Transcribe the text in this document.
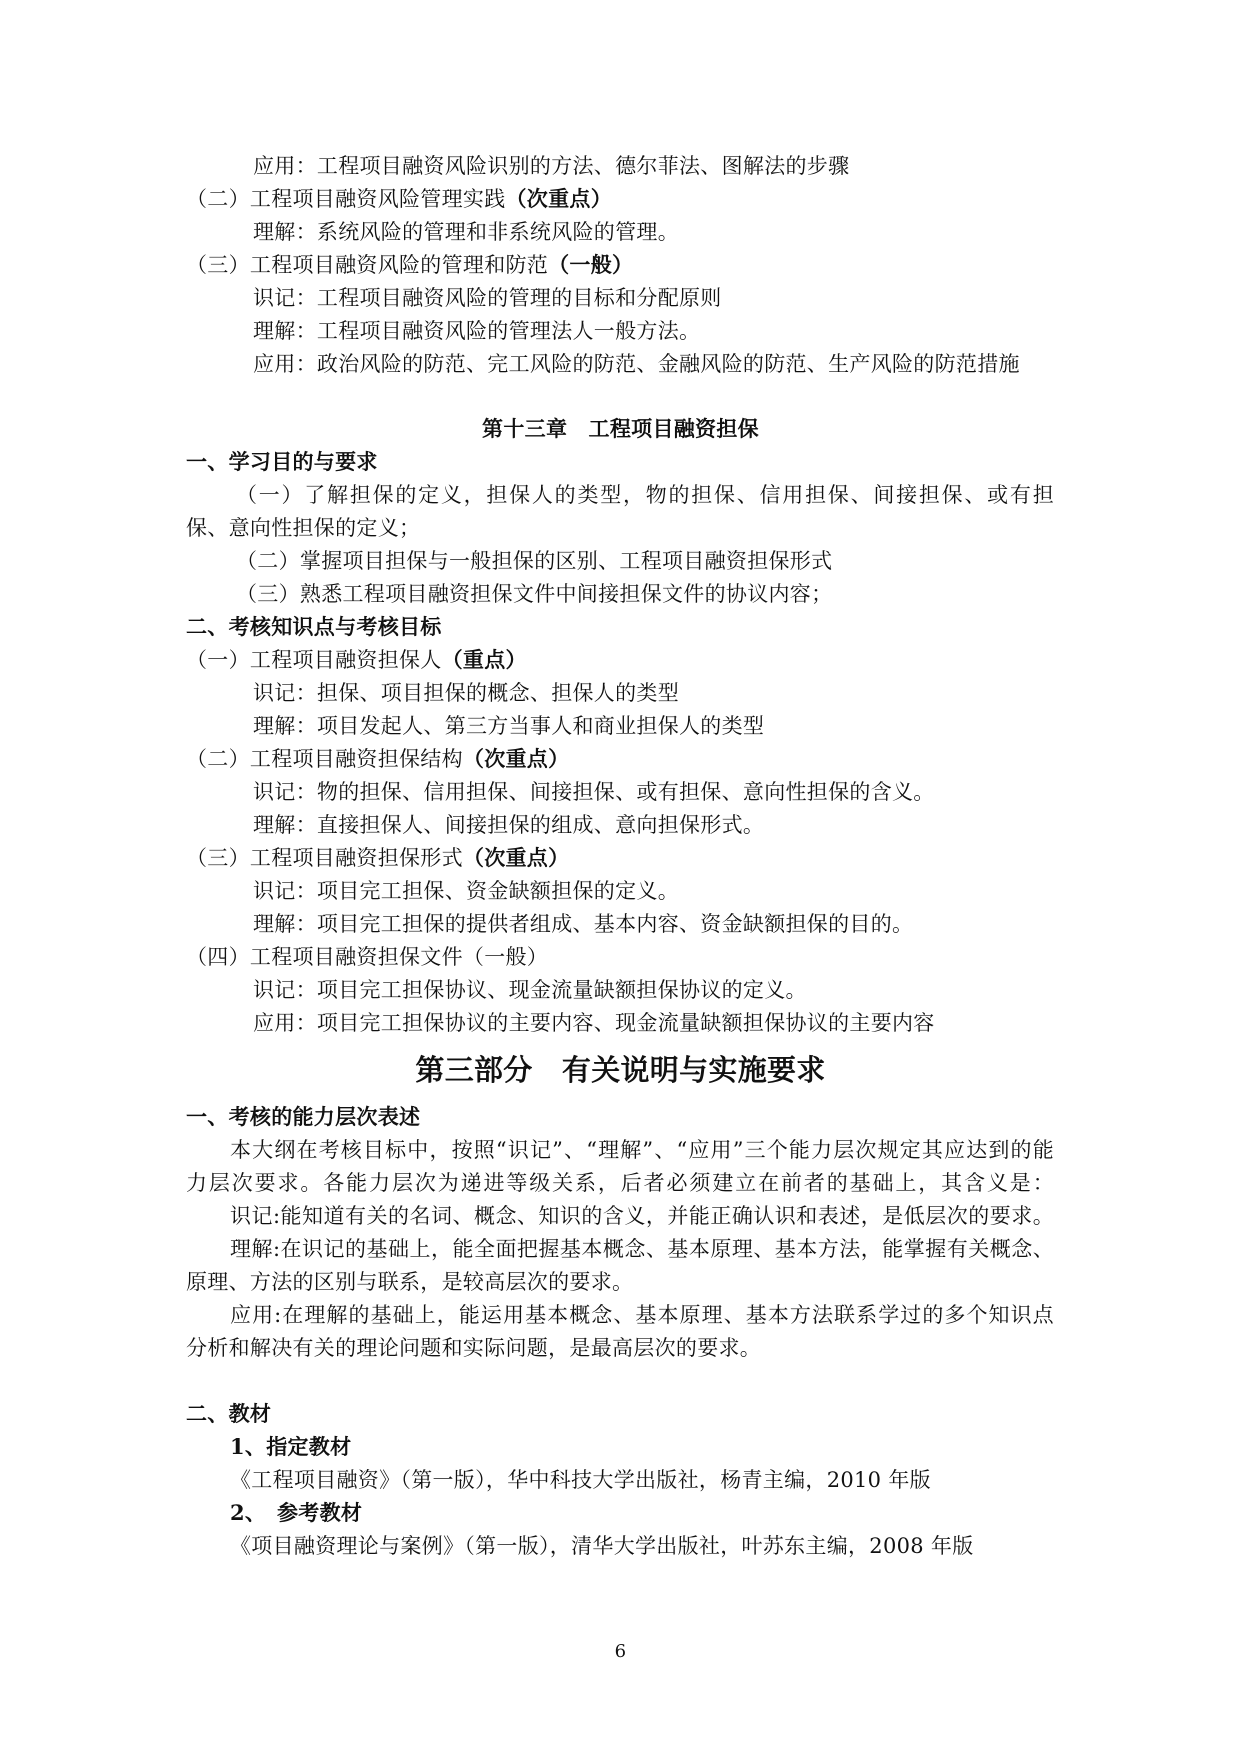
应用：工程项目融资风险识别的方法、德尔菲法、图解法的步骤
（二）工程项目融资风险管理实践（次重点）
理解：系统风险的管理和非系统风险的管理。
（三）工程项目融资风险的管理和防范（一般）
识记：工程项目融资风险的管理的目标和分配原则
理解：工程项目融资风险的管理法人一般方法。
应用：政治风险的防范、完工风险的防范、金融风险的防范、生产风险的防范措施
第十三章　工程项目融资担保
一、学习目的与要求
（一）了解担保的定义，担保人的类型，物的担保、信用担保、间接担保、或有担
保、意向性担保的定义；
（二）掌握项目担保与一般担保的区别、工程项目融资担保形式
（三）熟悉工程项目融资担保文件中间接担保文件的协议内容；
二、考核知识点与考核目标
（一）工程项目融资担保人（重点）
识记：担保、项目担保的概念、担保人的类型
理解：项目发起人、第三方当事人和商业担保人的类型
（二）工程项目融资担保结构（次重点）
识记：物的担保、信用担保、间接担保、或有担保、意向性担保的含义。
理解：直接担保人、间接担保的组成、意向担保形式。
（三）工程项目融资担保形式（次重点）
识记：项目完工担保、资金缺额担保的定义。
理解：项目完工担保的提供者组成、基本内容、资金缺额担保的目的。
（四）工程项目融资担保文件（一般）
识记：项目完工担保协议、现金流量缺额担保协议的定义。
应用：项目完工担保协议的主要内容、现金流量缺额担保协议的主要内容
第三部分　有关说明与实施要求
一、考核的能力层次表述
本大纲在考核目标中，按照“识记”、“理解”、“应用”三个能力层次规定其应达到的能
力层次要求。各能力层次为递进等级关系，后者必须建立在前者的基础上，其含义是：
识记:能知道有关的名词、概念、知识的含义，并能正确认识和表述，是低层次的要求。
理解:在识记的基础上，能全面把握基本概念、基本原理、基本方法，能掌握有关概念、
原理、方法的区别与联系，是较高层次的要求。
应用:在理解的基础上，能运用基本概念、基本原理、基本方法联系学过的多个知识点
分析和解决有关的理论问题和实际问题，是最高层次的要求。
二、教材
1、指定教材
《工程项目融资》（第一版），华中科技大学出版社，杨青主编，2010 年版
2、　参考教材
《项目融资理论与案例》（第一版），清华大学出版社，叶苏东主编，2008 年版
6
